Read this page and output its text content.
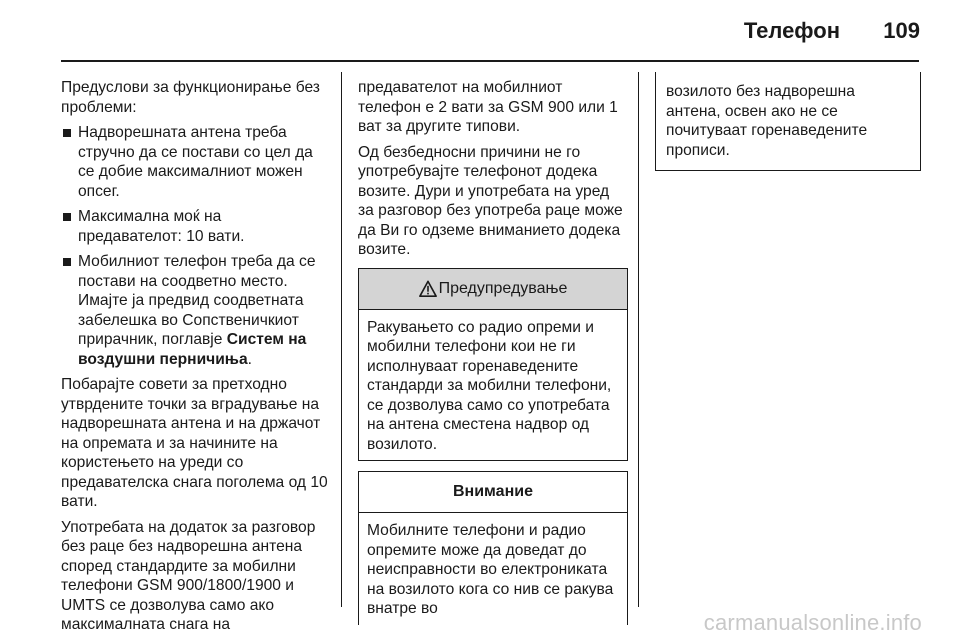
Телефон 109

Предуслови за функционирање без проблеми:

Надворешната антена треба стручно да се постави со цел да се добие максималниот можен опсег.
Максимална моќ на предавателот: 10 вати.
Мобилниот телефон треба да се постави на соодветно место. Имајте ја предвид соодветната забелешка во Сопственичкиот прирачник, поглавје Систем на воздушни перничиња.

Побарајте совети за претходно утврдените точки за вградување на надворешната антена и на држачот на опремата и за начините на користењето на уреди со предавателска снага поголема од 10 вати.

Употребата на додаток за разговор без раце без надворешна антена според стандардите за мобилни телефони GSM 900/1800/1900 и UMTS се дозволува само ако максималната снага на

предавателот на мобилниот телефон е 2 вати за GSM 900 или 1 ват за другите типови.

Од безбедносни причини не го употребувајте телефонот додека возите. Дури и употребата на уред за разговор без употреба раце може да Ви го одземе вниманието додека возите.

Предупредување
Ракувањето со радио опреми и мобилни телефони кои не ги исполнуваат горенаведените стандарди за мобилни телефони, се дозволува само со употребата на антена сместена надвор од возилото.
Внимание
Мобилните телефони и радио опремите може да доведат до неисправности во електрониката на возилото кога со нив се ракува внатре во
возилото без надворешна антена, освен ако не се почитуваат горенаведените прописи.
carmanualsonline.info
